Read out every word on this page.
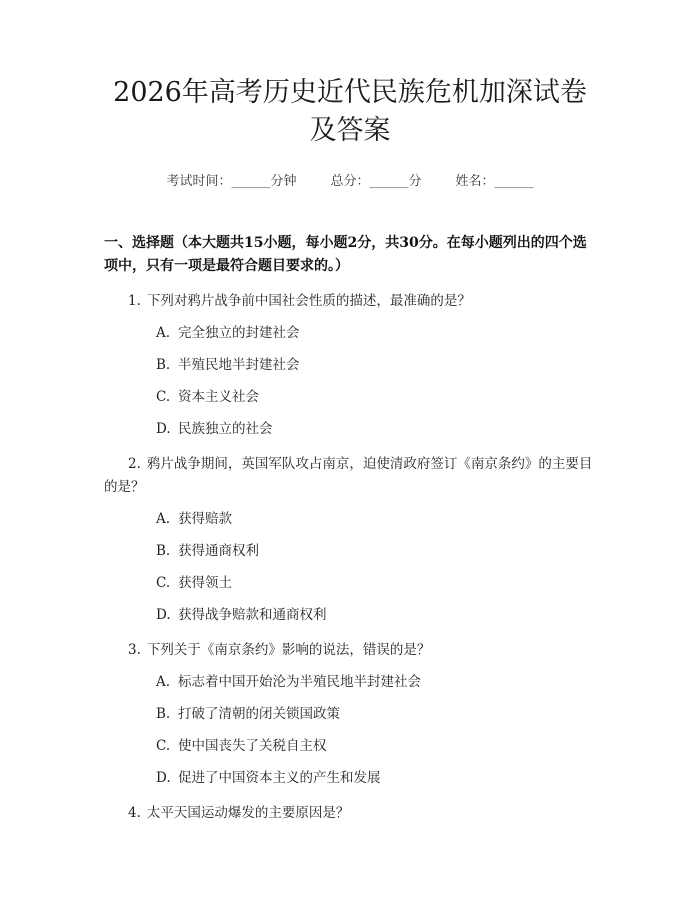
2026年高考历史近代民族危机加深试卷及答案
考试时间：______分钟	总分：______分	姓名：______
一、选择题（本大题共15小题，每小题2分，共30分。在每小题列出的四个选项中，只有一项是最符合题目要求的。）
1. 下列对鸦片战争前中国社会性质的描述，最准确的是？
A. 完全独立的封建社会
B. 半殖民地半封建社会
C. 资本主义社会
D. 民族独立的社会
2. 鸦片战争期间，英国军队攻占南京，迫使清政府签订《南京条约》的主要目的是？
A. 获得赔款
B. 获得通商权利
C. 获得领土
D. 获得战争赔款和通商权利
3. 下列关于《南京条约》影响的说法，错误的是？
A. 标志着中国开始沦为半殖民地半封建社会
B. 打破了清朝的闭关锁国政策
C. 使中国丧失了关税自主权
D. 促进了中国资本主义的产生和发展
4. 太平天国运动爆发的主要原因是？
